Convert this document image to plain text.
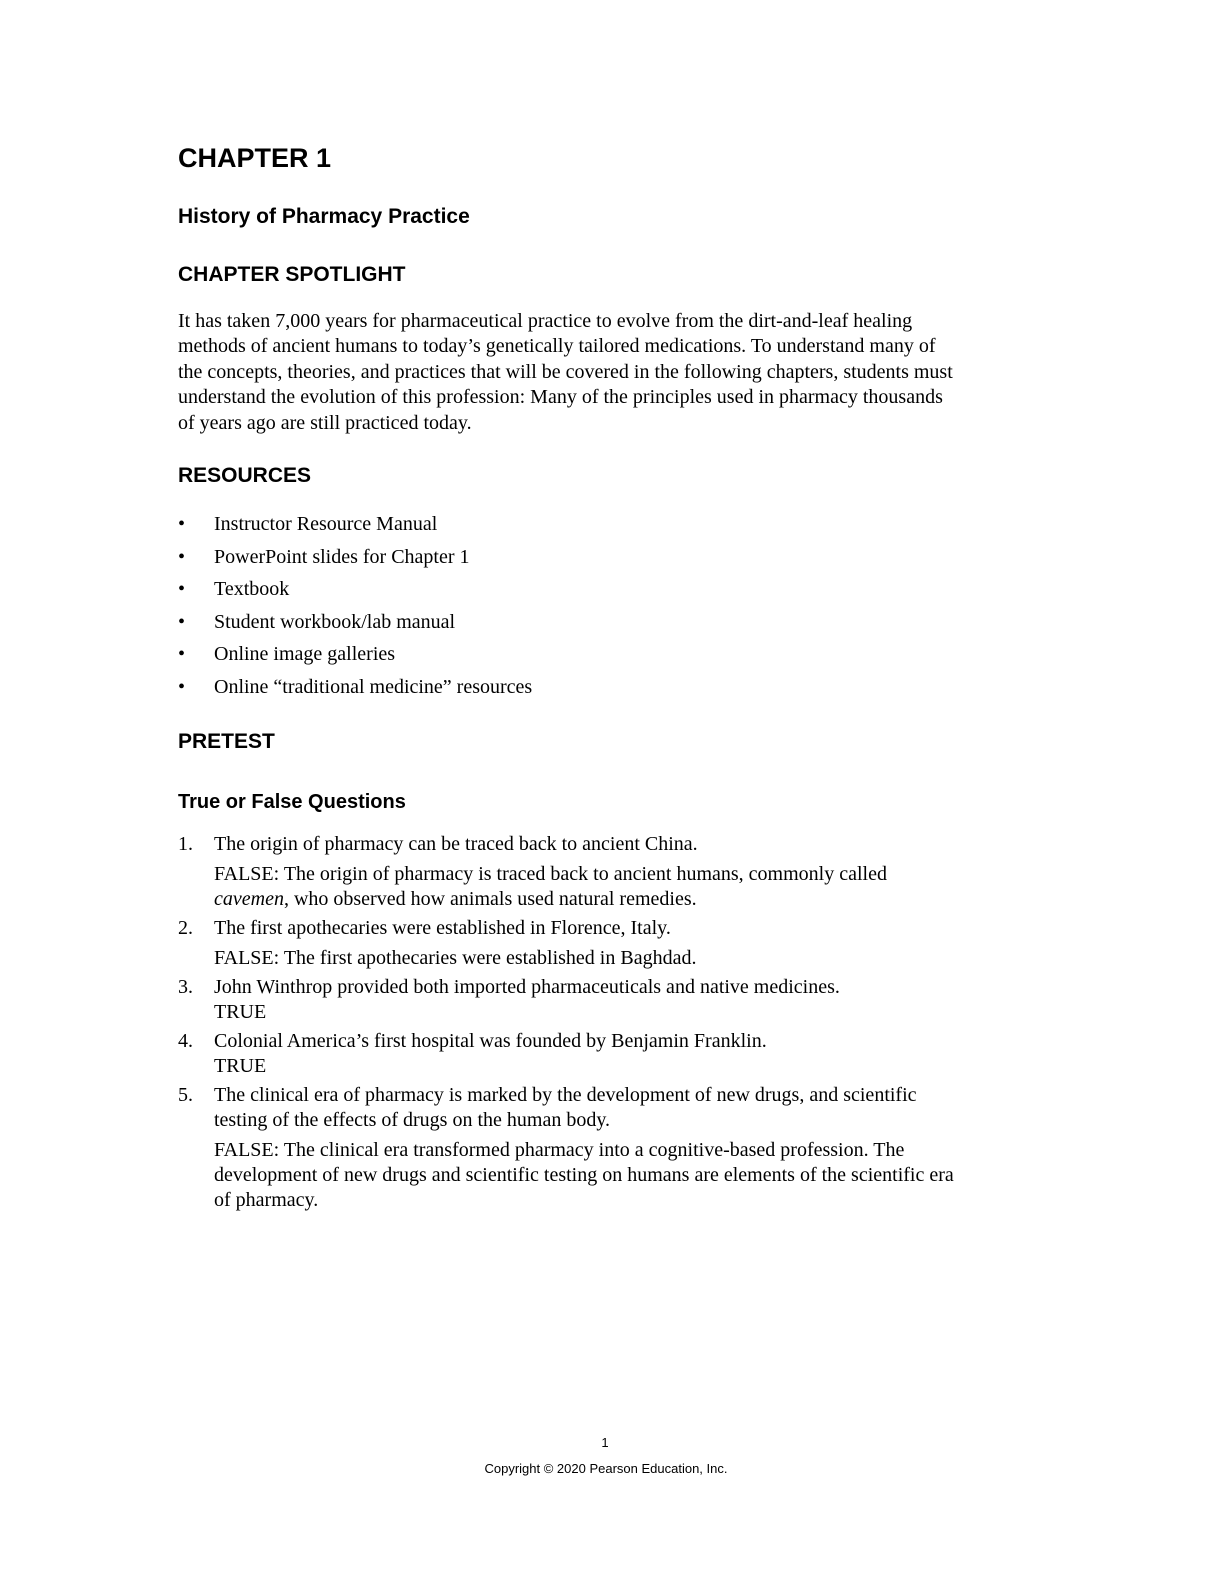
CHAPTER 1
History of Pharmacy Practice
CHAPTER SPOTLIGHT
It has taken 7,000 years for pharmaceutical practice to evolve from the dirt-and-leaf healing
methods of ancient humans to today’s genetically tailored medications. To understand many of
the concepts, theories, and practices that will be covered in the following chapters, students must
understand the evolution of this profession: Many of the principles used in pharmacy thousands
of years ago are still practiced today.
RESOURCES
• Instructor Resource Manual
• PowerPoint slides for Chapter 1
• Textbook
• Student workbook/lab manual
• Online image galleries
• Online “traditional medicine” resources
PRETEST
True or False Questions
1. The origin of pharmacy can be traced back to ancient China.
FALSE: The origin of pharmacy is traced back to ancient humans, commonly called
cavemen, who observed how animals used natural remedies.
2. The first apothecaries were established in Florence, Italy.
FALSE: The first apothecaries were established in Baghdad.
3. John Winthrop provided both imported pharmaceuticals and native medicines.
TRUE
4. Colonial America’s first hospital was founded by Benjamin Franklin.
TRUE
5. The clinical era of pharmacy is marked by the development of new drugs, and scientific
testing of the effects of drugs on the human body.
FALSE: The clinical era transformed pharmacy into a cognitive-based profession. The
development of new drugs and scientific testing on humans are elements of the scientific era
of pharmacy.
1
Copyright © 2020 Pearson Education, Inc.
